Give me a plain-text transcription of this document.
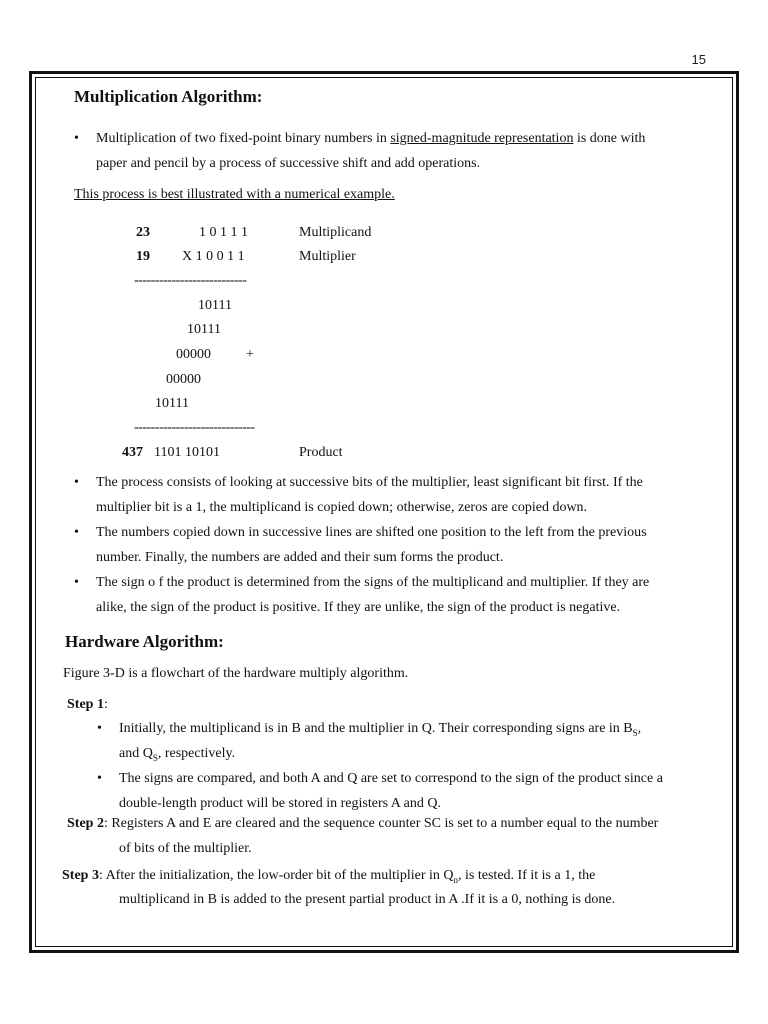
15
Multiplication Algorithm:
• Multiplication of two fixed-point binary numbers in signed-magnitude representation is done with
paper and pencil by a process of successive shift and add operations.
This process is best illustrated with a numerical example.
23	1 0 1 1 1	Multiplicand
19 X 1 0 0 1 1	Multiplier
---------------------------
10111
10111
00000	+
00000
10111
-----------------------------
437 1101 10101	Product
• The process consists of looking at successive bits of the multiplier, least significant bit first. If the
multiplier bit is a 1, the multiplicand is copied down; otherwise, zeros are copied down.
• The numbers copied down in successive lines are shifted one position to the left from the previous
number. Finally, the numbers are added and their sum forms the product.
• The sign o f the product is determined from the signs of the multiplicand and multiplier. If they are
alike, the sign of the product is positive. If they are unlike, the sign of the product is negative.
Hardware Algorithm:
Figure 3-D is a flowchart of the hardware multiply algorithm.
Step 1:
• Initially, the multiplicand is in B and the multiplier in Q. Their corresponding signs are in $B_S$,
and $Q_S$, respectively.
• The signs are compared, and both A and Q are set to correspond to the sign of the product since a
double-length product will be stored in registers A and Q.
Step 2: Registers A and E are cleared and the sequence counter SC is set to a number equal to the number
of bits of the multiplier.
Step 3: After the initialization, the low-order bit of the multiplier in $Q_n$, is tested. If it is a 1, the
multiplicand in B is added to the present partial product in A .If it is a 0, nothing is done.
